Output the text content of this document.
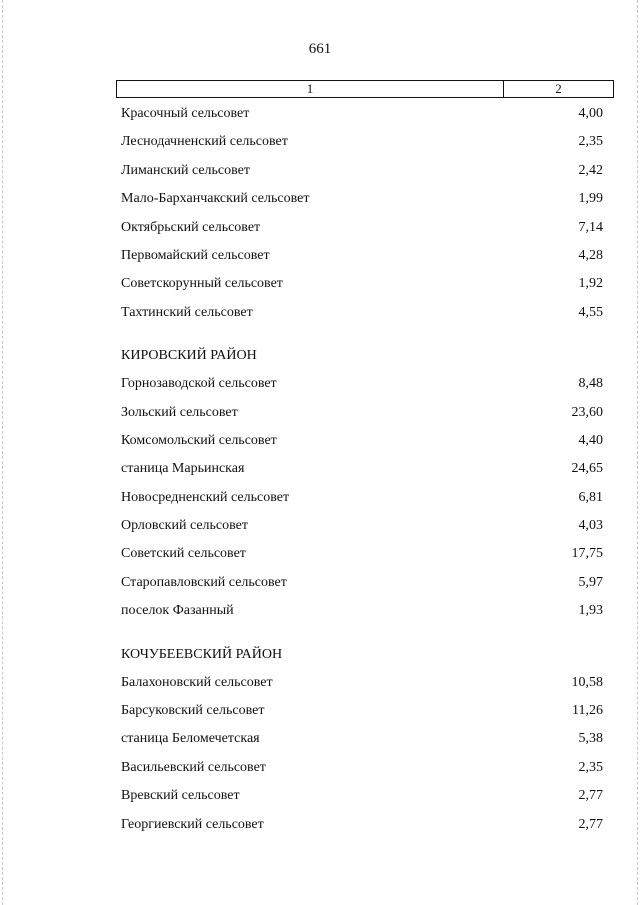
661
1	2
Красочный сельсовет	4,00
Леснодачненский сельсовет	2,35
Лиманский сельсовет	2,42
Мало-Барханчакский сельсовет	1,99
Октябрьский сельсовет	7,14
Первомайский сельсовет	4,28
Советскорунный сельсовет	1,92
Тахтинский сельсовет	4,55
КИРОВСКИЙ РАЙОН
Горнозаводской сельсовет	8,48
Зольский сельсовет	23,60
Комсомольский сельсовет	4,40
станица Марьинская	24,65
Новосредненский сельсовет	6,81
Орловский сельсовет	4,03
Советский сельсовет	17,75
Старопавловский сельсовет	5,97
поселок Фазанный	1,93
КОЧУБЕЕВСКИЙ РАЙОН
Балахоновский сельсовет	10,58
Барсуковский сельсовет	11,26
станица Беломечетская	5,38
Васильевский сельсовет	2,35
Вревский сельсовет	2,77
Георгиевский сельсовет	2,77
